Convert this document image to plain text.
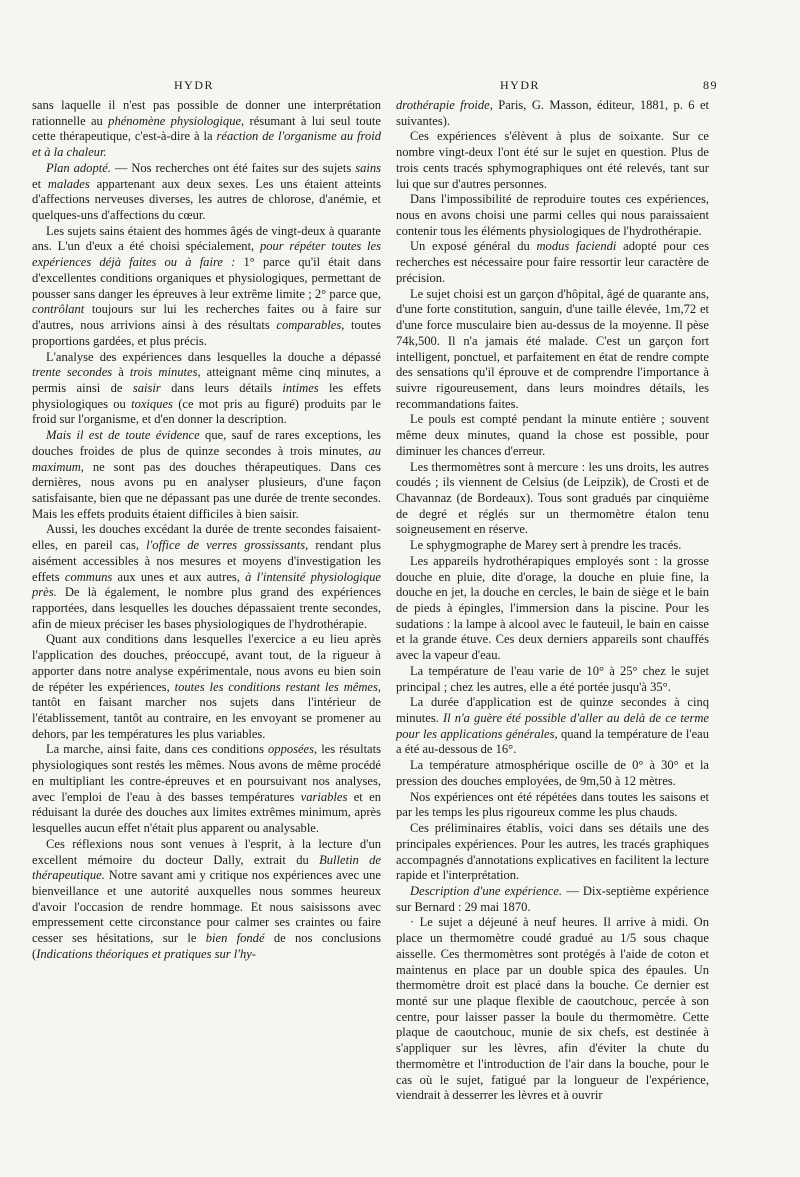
HYDR	HYDR	89

sans laquelle il n'est pas possible de donner une interprétation rationnelle au phénomène physiologique, résumant à lui seul toute cette thérapeutique, c'est-à-dire à la réaction de l'organisme au froid et à la chaleur.

Plan adopté. — Nos recherches ont été faites sur des sujets sains et malades appartenant aux deux sexes. Les uns étaient atteints d'affections nerveuses diverses, les autres de chlorose, d'anémie, et quelques-uns d'affections du cœur.

Les sujets sains étaient des hommes âgés de vingt-deux à quarante ans. L'un d'eux a été choisi spécialement, pour répéter toutes les expériences déjà faites ou à faire : 1° parce qu'il était dans d'excellentes conditions organiques et physiologiques, permettant de pousser sans danger les épreuves à leur extrême limite ; 2° parce que, contrôlant toujours sur lui les recherches faites ou à faire sur d'autres, nous arrivions ainsi à des résultats comparables, toutes proportions gardées, et plus précis.

L'analyse des expériences dans lesquelles la douche a dépassé trente secondes à trois minutes, atteignant même cinq minutes, a permis ainsi de saisir dans leurs détails intimes les effets physiologiques ou toxiques (ce mot pris au figuré) produits par le froid sur l'organisme, et d'en donner la description.

Mais il est de toute évidence que, sauf de rares exceptions, les douches froides de plus de quinze secondes à trois minutes, au maximum, ne sont pas des douches thérapeutiques. Dans ces dernières, nous avons pu en analyser plusieurs, d'une façon satisfaisante, bien que ne dépassant pas une durée de trente secondes. Mais les effets produits étaient difficiles à bien saisir.

Aussi, les douches excédant la durée de trente secondes faisaient-elles, en pareil cas, l'office de verres grossissants, rendant plus aisément accessibles à nos mesures et moyens d'investigation les effets communs aux unes et aux autres, à l'intensité physiologique près. De là également, le nombre plus grand des expériences rapportées, dans lesquelles les douches dépassaient trente secondes, afin de mieux préciser les bases physiologiques de l'hydrothérapie.

Quant aux conditions dans lesquelles l'exercice a eu lieu après l'application des douches, préoccupé, avant tout, de la rigueur à apporter dans notre analyse expérimentale, nous avons eu bien soin de répéter les expériences, toutes les conditions restant les mêmes, tantôt en faisant marcher nos sujets dans l'intérieur de l'établissement, tantôt au contraire, en les envoyant se promener au dehors, par les températures les plus variables.

La marche, ainsi faite, dans ces conditions opposées, les résultats physiologiques sont restés les mêmes. Nous avons de même procédé en multipliant les contre-épreuves et en poursuivant nos analyses, avec l'emploi de l'eau à des basses températures variables et en réduisant la durée des douches aux limites extrêmes minimum, après lesquelles aucun effet n'était plus apparent ou analysable.

Ces réflexions nous sont venues à l'esprit, à la lecture d'un excellent mémoire du docteur Dally, extrait du Bulletin de thérapeutique. Notre savant ami y critique nos expériences avec une bienveillance et une autorité auxquelles nous sommes heureux d'avoir l'occasion de rendre hommage. Et nous saisissons avec empressement cette circonstance pour calmer ses craintes ou faire cesser ses hésitations, sur le bien fondé de nos conclusions (Indications théoriques et pratiques sur l'hy-

drothérapie froide, Paris, G. Masson, éditeur, 1881, p. 6 et suivantes).

Ces expériences s'élèvent à plus de soixante. Sur ce nombre vingt-deux l'ont été sur le sujet en question. Plus de trois cents tracés sphymographiques ont été relevés, tant sur lui que sur d'autres personnes.

Dans l'impossibilité de reproduire toutes ces expériences, nous en avons choisi une parmi celles qui nous paraissaient contenir tous les éléments physiologiques de l'hydrothérapie.

Un exposé général du modus faciendi adopté pour ces recherches est nécessaire pour faire ressortir leur caractère de précision.

Le sujet choisi est un garçon d'hôpital, âgé de quarante ans, d'une forte constitution, sanguin, d'une taille élevée, 1m,72 et d'une force musculaire bien au-dessus de la moyenne. Il pèse 74k,500. Il n'a jamais été malade. C'est un garçon fort intelligent, ponctuel, et parfaitement en état de rendre compte des sensations qu'il éprouve et de comprendre l'importance à suivre rigoureusement, dans leurs moindres détails, les recommandations faites.

Le pouls est compté pendant la minute entière ; souvent même deux minutes, quand la chose est possible, pour diminuer les chances d'erreur.

Les thermomètres sont à mercure : les uns droits, les autres coudés ; ils viennent de Celsius (de Leipzik), de Crosti et de Chavannaz (de Bordeaux). Tous sont gradués par cinquième de degré et réglés sur un thermomètre étalon tenu soigneusement en réserve.

Le sphygmographe de Marey sert à prendre les tracés.

Les appareils hydrothérapiques employés sont : la grosse douche en pluie, dite d'orage, la douche en pluie fine, la douche en jet, la douche en cercles, le bain de siège et le bain de pieds à épingles, l'immersion dans la piscine. Pour les sudations : la lampe à alcool avec le fauteuil, le bain en caisse et la grande étuve. Ces deux derniers appareils sont chauffés avec la vapeur d'eau.

La température de l'eau varie de 10° à 25° chez le sujet principal ; chez les autres, elle a été portée jusqu'à 35°.

La durée d'application est de quinze secondes à cinq minutes. Il n'a guère été possible d'aller au delà de ce terme pour les applications générales, quand la température de l'eau a été au-dessous de 16°.

La température atmosphérique oscille de 0° à 30° et la pression des douches employées, de 9m,50 à 12 mètres.

Nos expériences ont été répétées dans toutes les saisons et par les temps les plus rigoureux comme les plus chauds.

Ces préliminaires établis, voici dans ses détails une des principales expériences. Pour les autres, les tracés graphiques accompagnés d'annotations explicatives en facilitent la lecture rapide et l'interprétation.

Description d'une expérience. — Dix-septième expérience sur Bernard : 29 mai 1870.

· Le sujet a déjeuné à neuf heures. Il arrive à midi. On place un thermomètre coudé gradué au 1/5 sous chaque aisselle. Ces thermomètres sont protégés à l'aide de coton et maintenus en place par un double spica des épaules. Un thermomètre droit est placé dans la bouche. Ce dernier est monté sur une plaque flexible de caoutchouc, percée à son centre, pour laisser passer la boule du thermomètre. Cette plaque de caoutchouc, munie de six chefs, est destinée à s'appliquer sur les lèvres, afin d'éviter la chute du thermomètre et l'introduction de l'air dans la bouche, pour le cas où le sujet, fatigué par la longueur de l'expérience, viendrait à desserrer les lèvres et à ouvrir
